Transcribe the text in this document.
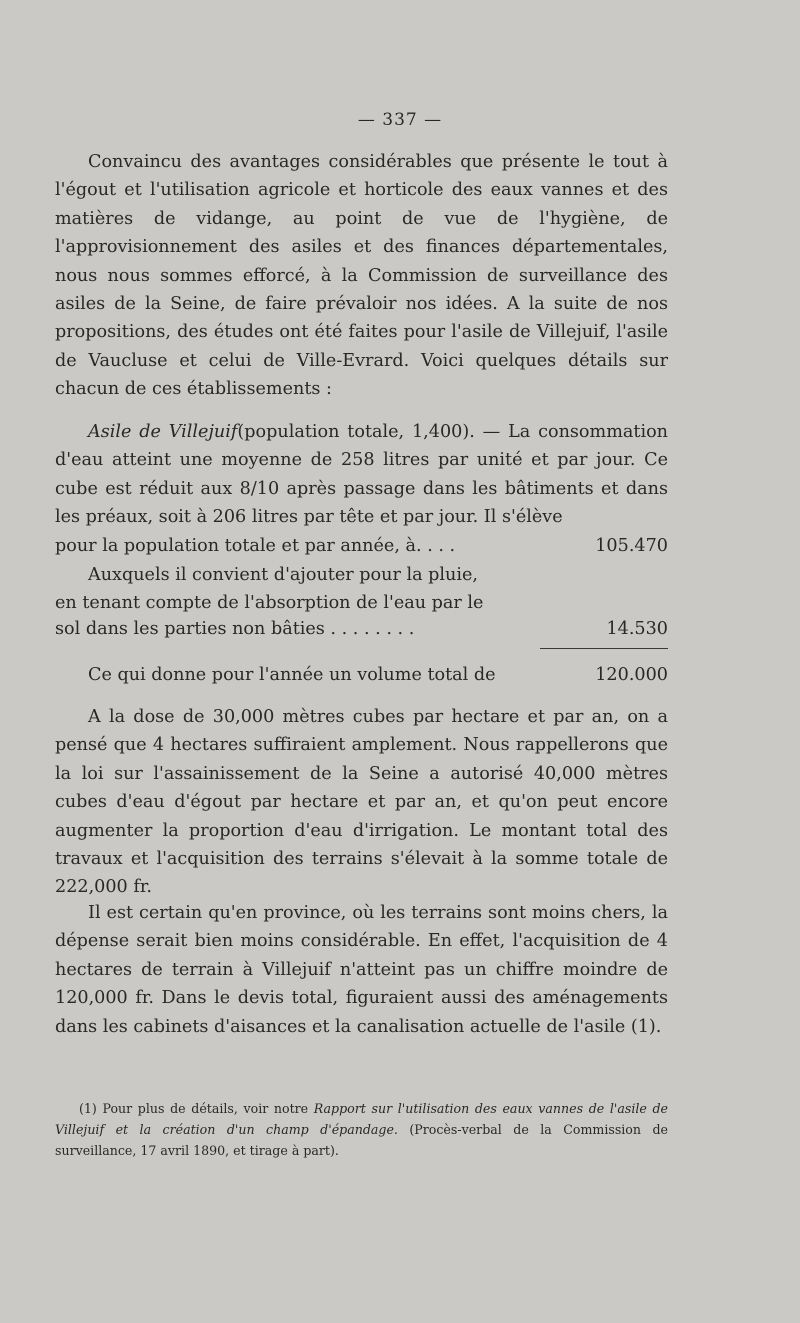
— 337 —

Convaincu des avantages considérables que présente le tout à l'égout et l'utilisation agricole et horticole des eaux vannes et des matières de vidange, au point de vue de l'hygiène, de l'approvisionnement des asiles et des finances départementales, nous nous sommes efforcé, à la Commission de surveillance des asiles de la Seine, de faire prévaloir nos idées. A la suite de nos propositions, des études ont été faites pour l'asile de Villejuif, l'asile de Vaucluse et celui de Ville-Evrard. Voici quelques détails sur chacun de ces établissements :

Asile de Villejuif(population totale, 1,400). — La consommation d'eau atteint une moyenne de 258 litres par unité et par jour. Ce cube est réduit aux 8/10 après passage dans les bâtiments et dans les préaux, soit à 206 litres par tête et par jour. Il s'élève

pour la population totale et par année, à. . . .	105.470
Auxquels il convient d'ajouter pour la pluie,
en tenant compte de l'absorption de l'eau par le
sol dans les parties non bâties . . . . . . . .	14.530
Ce qui donne pour l'année un volume total de	120.000

A la dose de 30,000 mètres cubes par hectare et par an, on a pensé que 4 hectares suffiraient amplement. Nous rappellerons que la loi sur l'assainissement de la Seine a autorisé 40,000 mètres cubes d'eau d'égout par hectare et par an, et qu'on peut encore augmenter la proportion d'eau d'irrigation. Le montant total des travaux et l'acquisition des terrains s'élevait à la somme totale de 222,000 fr.

Il est certain qu'en province, où les terrains sont moins chers, la dépense serait bien moins considérable. En effet, l'acquisition de 4 hectares de terrain à Villejuif n'atteint pas un chiffre moindre de 120,000 fr. Dans le devis total, figuraient aussi des aménagements dans les cabinets d'aisances et la canalisation actuelle de l'asile (1).

(1) Pour plus de détails, voir notre Rapport sur l'utilisation des eaux vannes de l'asile de Villejuif et la création d'un champ d'épandage. (Procès-verbal de la Commission de surveillance, 17 avril 1890, et tirage à part).
